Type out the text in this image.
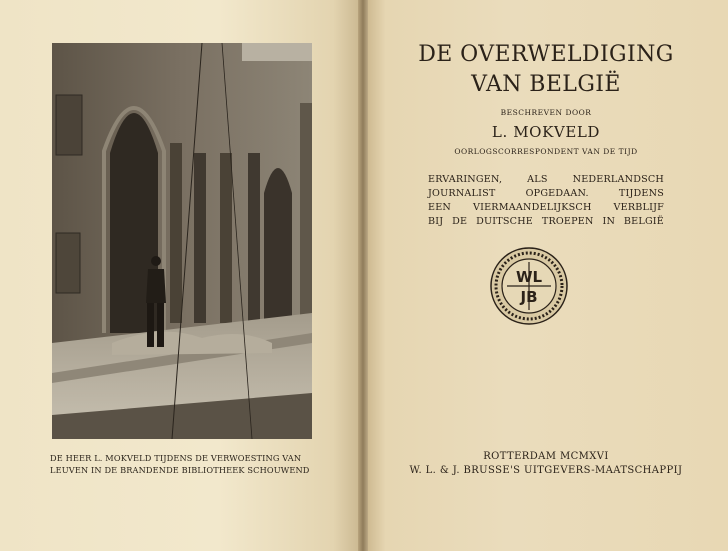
DE HEER L. MOKVELD TIJDENS DE VERWOESTING VAN
LEUVEN IN DE BRANDENDE BIBLIOTHEEK SCHOUWEND
DE OVERWELDIGING
VAN BELGIË
BESCHREVEN DOOR
L. MOKVELD
OORLOGSCORRESPONDENT VAN DE TIJD
ERVARINGEN, ALS NEDERLANDSCH
JOURNALIST OPGEDAAN. TIJDENS
EEN VIERMAANDELIJKSCH VERBLIJF
BIJ DE DUITSCHE TROEPEN IN BELGIË
WL
JB
ROTTERDAM MCMXVI
W. L. & J. BRUSSE'S UITGEVERS-MAATSCHAPPIJ
